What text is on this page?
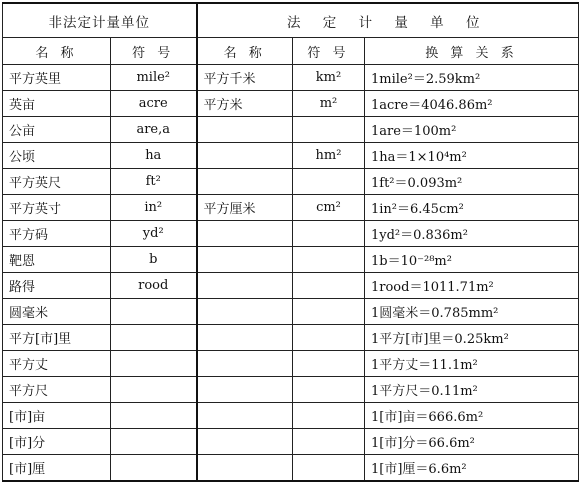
非法定计量单位		法 定 计 量 单 位		
名 称	符 号	名 称	符 号	换 算 关 系
平方英里	mile²	平方千米	km²	1mile²＝2.59km²
英亩	acre	平方米	m²	1acre＝4046.86m²
公亩	are,a			1are＝100m²
公顷	ha		hm²	1ha＝1×10⁴m²
平方英尺	ft²			1ft²＝0.093m²
平方英寸	in²	平方厘米	cm²	1in²＝6.45cm²
平方码	yd²			1yd²＝0.836m²
靶恩	b			1b＝10⁻²⁸m²
路得	rood			1rood＝1011.71m²
圆毫米				1圆毫米＝0.785mm²
平方[市]里				1平方[市]里＝0.25km²
平方丈				1平方丈＝11.1m²
平方尺				1平方尺＝0.11m²
[市]亩				1[市]亩＝666.6m²
[市]分				1[市]分＝66.6m²
[市]厘				1[市]厘＝6.6m²
